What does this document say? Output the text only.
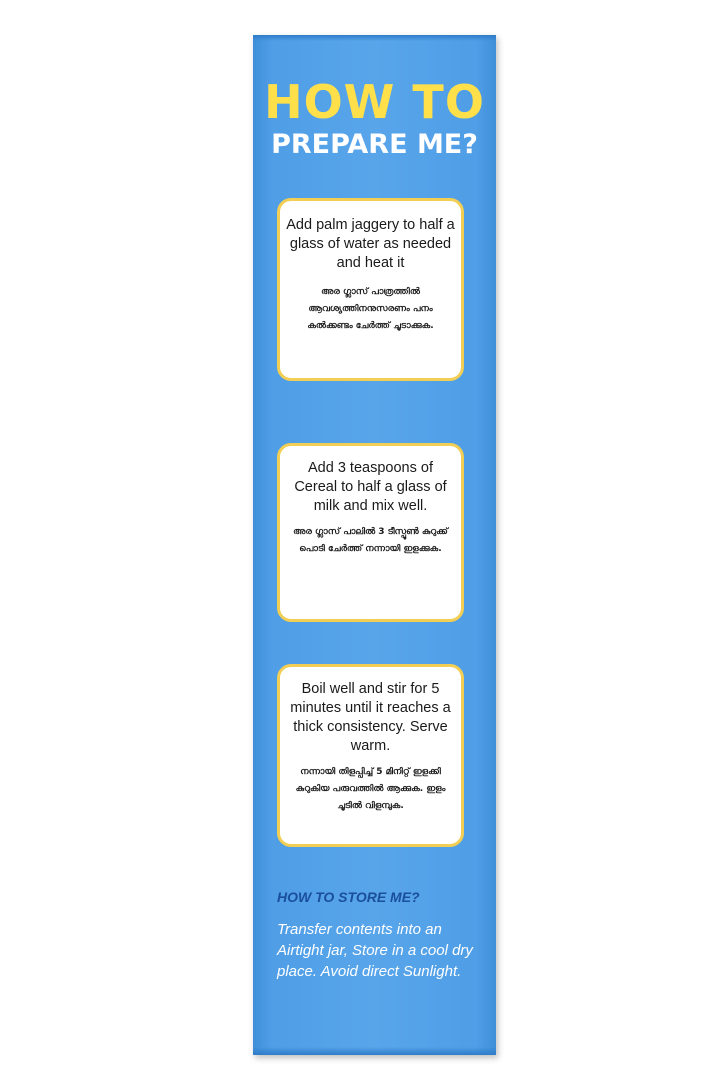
HOW TO
PREPARE ME?
Add palm jaggery to half a glass of water as needed and heat it
അര ഗ്ലാസ് പാത്രത്തിൽ ആവശ്യത്തിനനുസരണം പനം കൽക്കണ്ടം ചേർത്ത് ചൂടാക്കുക.
Add 3 teaspoons of Cereal to half a glass of milk and mix well.
അര ഗ്ലാസ് പാലിൽ 3 ടീസ്പൂൺ കുറുക്ക് പൊടി ചേർത്ത് നന്നായി ഇളക്കുക.
Boil well and stir for 5 minutes until it reaches a thick consistency. Serve warm.
നന്നായി തിളപ്പിച്ച് 5 മിനിറ്റ് ഇളക്കി കുറുകിയ പരുവത്തിൽ ആക്കുക. ഇളം ചൂടിൽ വിളമ്പുക.
HOW TO STORE ME?
Transfer contents into an Airtight jar, Store in a cool dry place. Avoid direct Sunlight.
